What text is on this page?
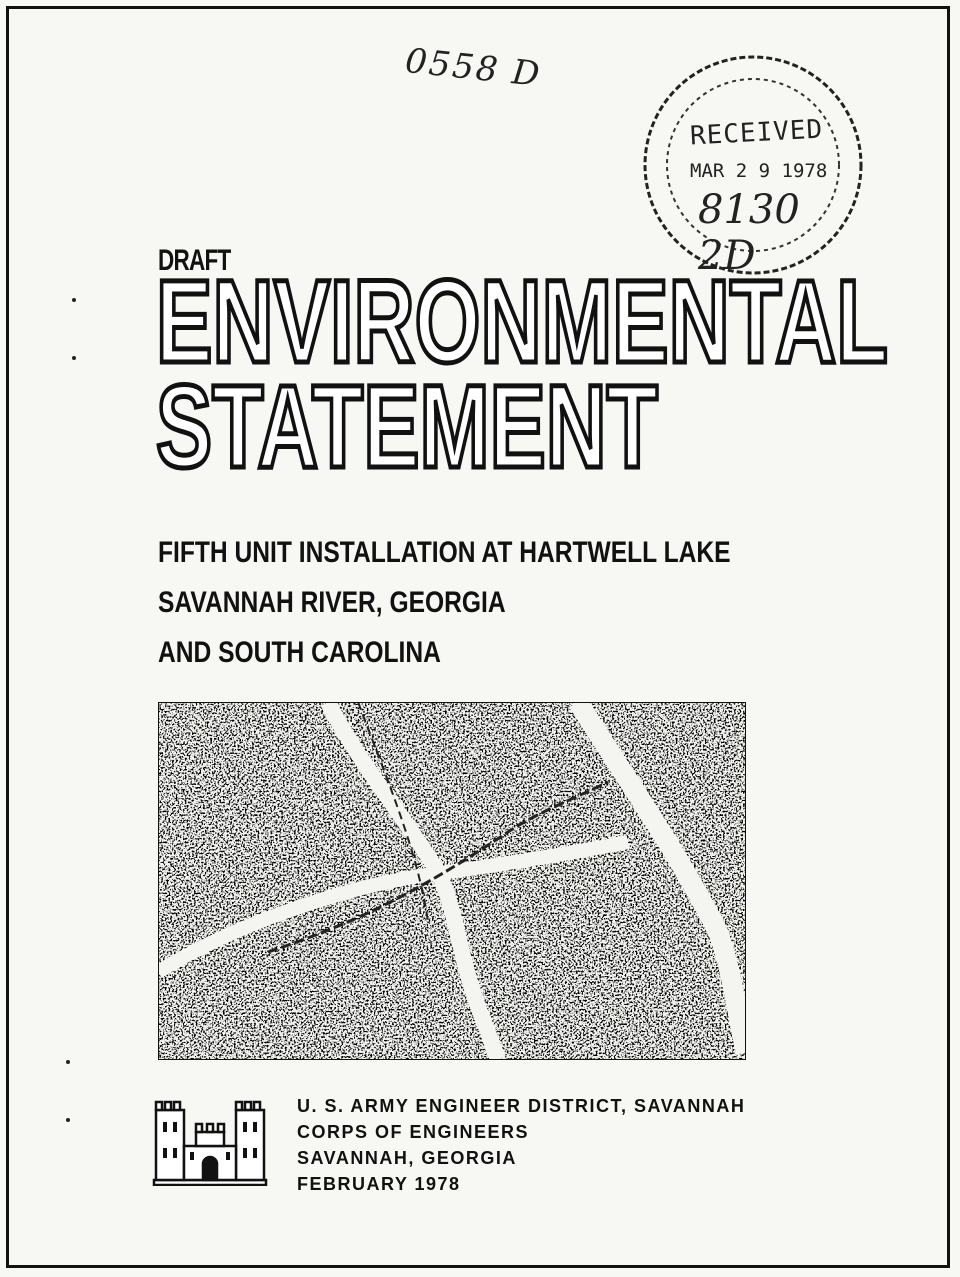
0558 D
RECEIVED
MAR 2 9 1978
8130 2D
DRAFT
ENVIRONMENTAL
STATEMENT
FIFTH UNIT INSTALLATION AT HARTWELL LAKE
SAVANNAH RIVER, GEORGIA
AND SOUTH CAROLINA
U. S. ARMY ENGINEER DISTRICT, SAVANNAH
CORPS OF ENGINEERS
SAVANNAH, GEORGIA
FEBRUARY 1978
